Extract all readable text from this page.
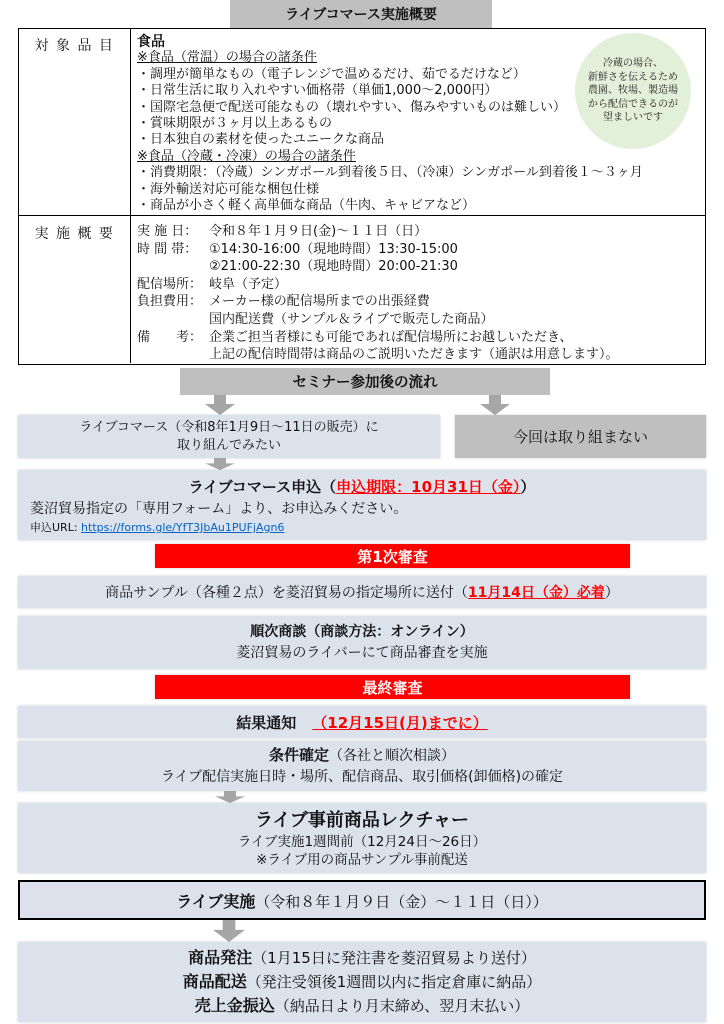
ライブコマース実施概要
対 象 品 目	食品
※食品（常温）の場合の諸条件
・調理が簡単なもの（電子レンジで温めるだけ、茹でるだけなど）
・日常生活に取り入れやすい価格帯（単価1,000～2,000円）
・国際宅急便で配送可能なもの（壊れやすい、傷みやすいものは難しい）
・賞味期限が３ヶ月以上あるもの
・日本独自の素材を使ったユニークな商品
※食品（冷蔵・冷凍）の場合の諸条件
・消費期限：（冷蔵）シンガポール到着後５日、（冷凍）シンガポール到着後１～３ヶ月
・海外輸送対応可能な梱包仕様
・商品が小さく軽く高単価な商品（牛肉、キャビアなど）
冷蔵の場合、
新鮮さを伝えるため
農園、牧場、製造場
から配信できるのが
望ましいです
実 施 概 要	実 施 日： 令和８年１月９日(金)～１１日（日）
時 間 帯： ①14:30-16:00（現地時間）13:30-15:00
②21:00-22:30（現地時間）20:00-21:30
配信場所： 岐阜（予定）
負担費用： メーカー様の配信場所までの出張経費
国内配送費（サンプル＆ライブで販売した商品）
備　　考： 企業ご担当者様にも可能であれば配信場所にお越しいただき、
上記の配信時間帯は商品のご説明いただきます（通訳は用意します）。
セミナー参加後の流れ
ライブコマース（令和8年1月9日～11日の販売）に
取り組んでみたい	今回は取り組まない
ライブコマース申込（申込期限：10月31日（金））
菱沼貿易指定の「専用フォーム」より、お申込みください。
申込URL: https://forms.gle/YfT3JbAu1PUFjAgn6
第1次審査
商品サンプル（各種２点）を菱沼貿易の指定場所に送付（11月14日（金）必着）
順次商談（商談方法：オンライン）
菱沼貿易のライバーにて商品審査を実施
最終審査
結果通知 （12月15日(月)までに）
条件確定（各社と順次相談）
ライブ配信実施日時・場所、配信商品、取引価格(卸価格)の確定
ライブ事前商品レクチャー
ライブ実施1週間前（12月24日～26日）
※ライブ用の商品サンプル事前配送
ライブ実施（令和８年１月９日（金）～１１日（日））
商品発注（1月15日に発注書を菱沼貿易より送付）
商品配送（発注受領後1週間以内に指定倉庫に納品）
売上金振込（納品日より月末締め、翌月末払い）
